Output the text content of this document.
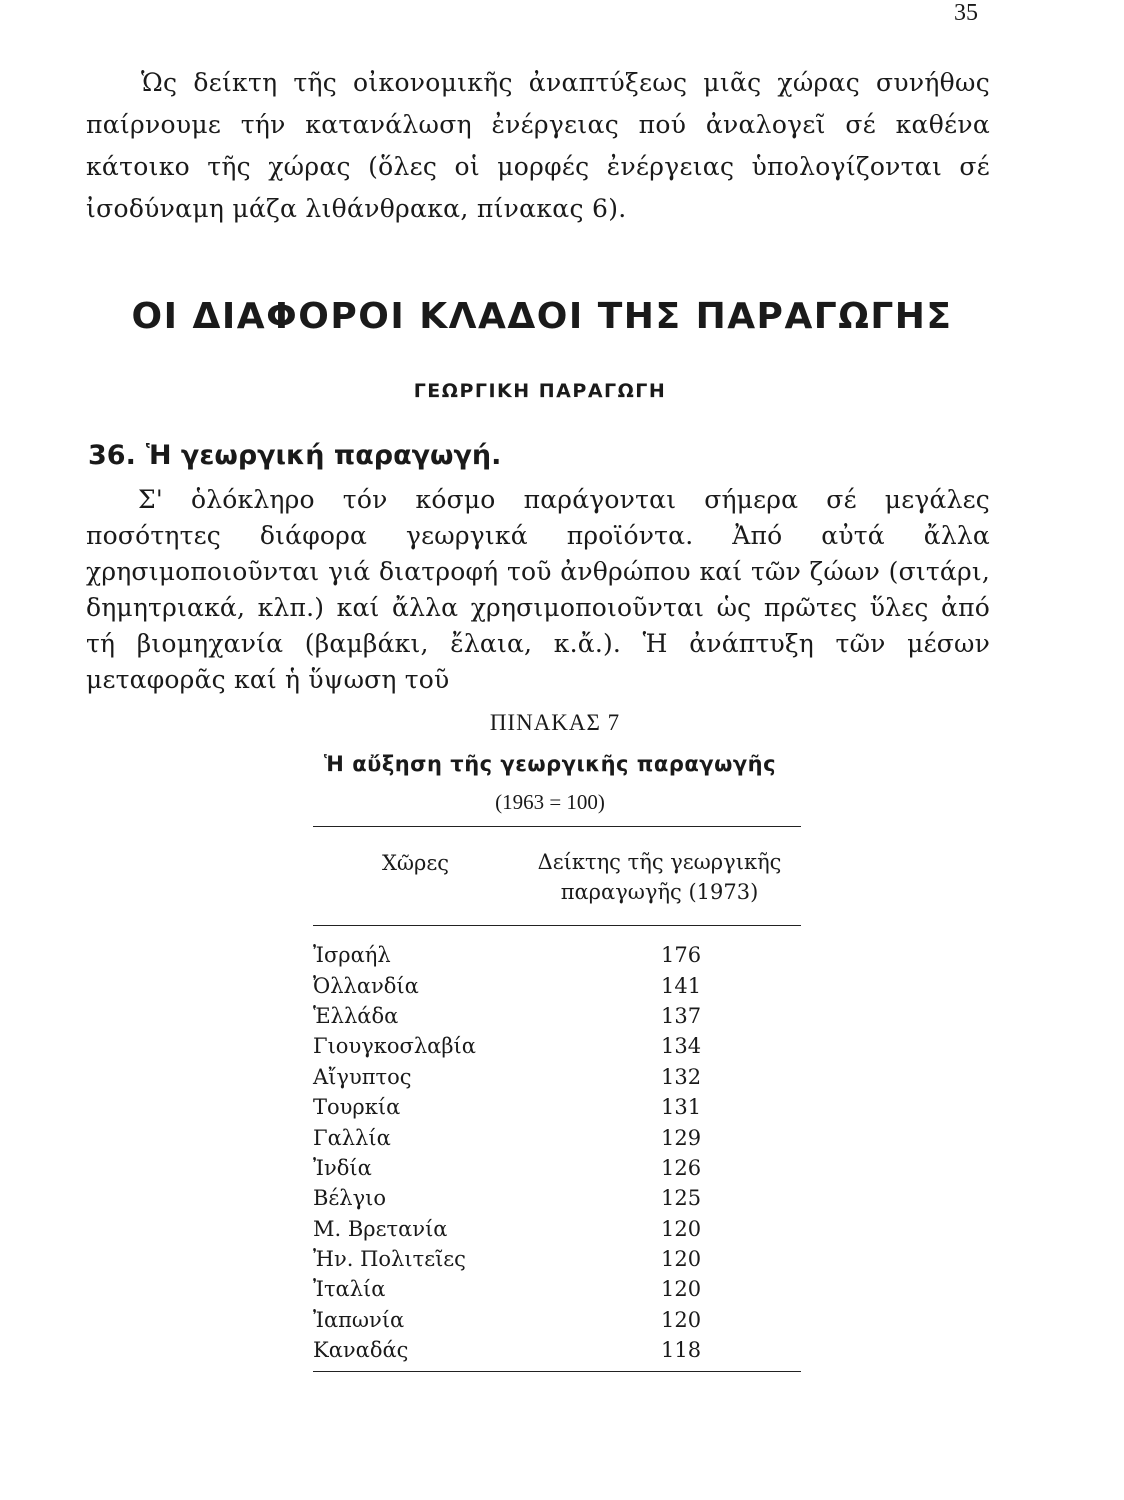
35

Ὡς δείκτη τῆς οἰκονομικῆς ἀναπτύξεως μιᾶς χώρας συνήθως παίρνουμε τήν κατανάλωση ἐνέργειας πού ἀναλογεῖ σέ καθένα κάτοικο τῆς χώρας (ὅλες οἱ μορφές ἐνέργειας ὑπολογίζονται σέ ἰσοδύναμη μάζα λιθάνθρακα, πίνακας 6).

ΟΙ ΔΙΑΦΟΡΟΙ ΚΛΑΔΟΙ ΤΗΣ ΠΑΡΑΓΩΓΗΣ
ΓΕΩΡΓΙΚΗ ΠΑΡΑΓΩΓΗ
36. Ἡ γεωργική παραγωγή.

Σ' ὁλόκληρο τόν κόσμο παράγονται σήμερα σέ μεγάλες ποσότητες διάφορα γεωργικά προϊόντα. Ἀπό αὐτά ἄλλα χρησιμοποιοῦνται γιά διατροφή τοῦ ἀνθρώπου καί τῶν ζώων (σιτάρι, δημητριακά, κλπ.) καί ἄλλα χρησιμοποιοῦνται ὡς πρῶτες ὕλες ἀπό τή βιομηχανία (βαμβάκι, ἔλαια, κ.ἄ.). Ἡ ἀνάπτυξη τῶν μέσων μεταφορᾶς καί ἡ ὕψωση τοῦ

ΠΙΝΑΚΑΣ 7
Ἡ αὔξηση τῆς γεωργικῆς παραγωγῆς
(1963 = 100)
Χῶρες	Δείκτης τῆς γεωργικῆς
παραγωγῆς (1973)
Ἰσραήλ	176
Ὀλλανδία	141
Ἑλλάδα	137
Γιουγκοσλαβία	134
Αἴγυπτος	132
Τουρκία	131
Γαλλία	129
Ἰνδία	126
Βέλγιο	125
Μ. Βρετανία	120
Ἠν. Πολιτεῖες	120
Ἰταλία	120
Ἰαπωνία	120
Καναδάς	118
